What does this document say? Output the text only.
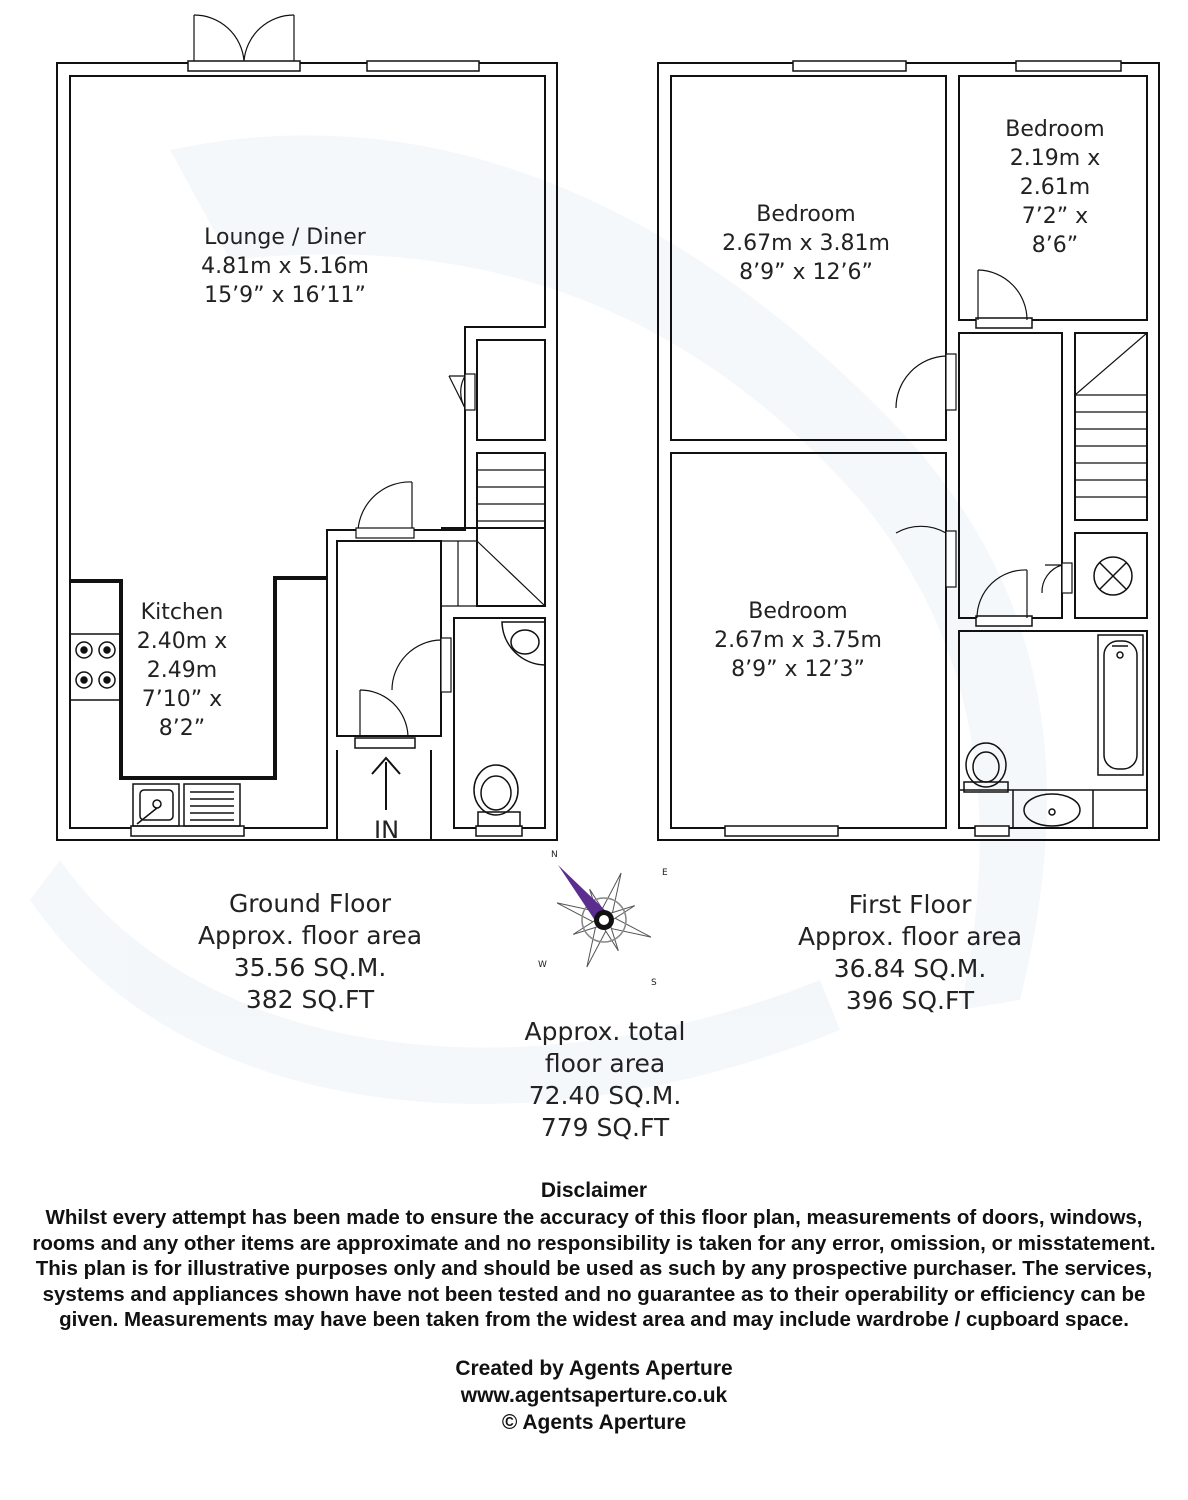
Lounge / Diner
4.81m x 5.16m
15’9” x 16’11”
Kitchen
2.40m x
2.49m
7’10” x
8’2”
IN
Bedroom
2.67m x 3.81m
8’9” x 12’6”
Bedroom
2.67m x 3.75m
8’9” x 12’3”
Bedroom
2.19m x
2.61m
7’2” x
8’6”
N
E
S
W
Ground Floor
Approx. floor area
35.56 SQ.M.
382 SQ.FT
First Floor
Approx. floor area
36.84 SQ.M.
396 SQ.FT
Approx. total
floor area
72.40 SQ.M.
779 SQ.FT
Disclaimer
Whilst every attempt has been made to ensure the accuracy of this floor plan, measurements of doors, windows, rooms and any other items are approximate and no responsibility is taken for any error, omission, or misstatement. This plan is for illustrative purposes only and should be used as such by any prospective purchaser. The services, systems and appliances shown have not been tested and no guarantee as to their operability or efficiency can be given. Measurements may have been taken from the widest area and may include wardrobe / cupboard space.
Created by Agents Aperture
www.agentsaperture.co.uk
© Agents Aperture
